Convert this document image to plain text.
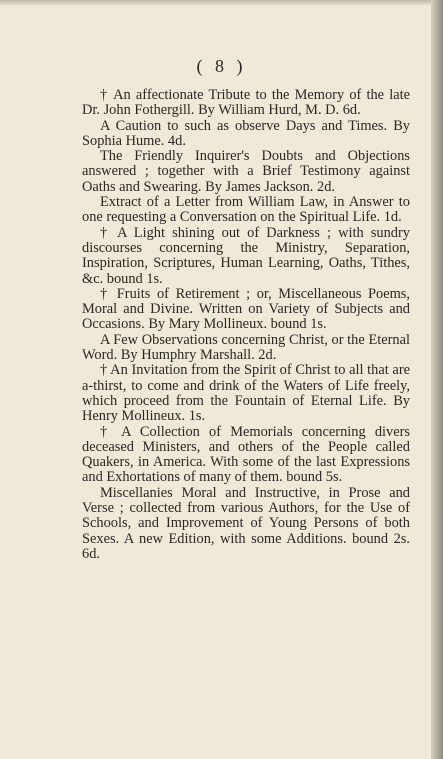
( 8 )

† An affectionate Tribute to the Memory of the late Dr. John Fothergill. By William Hurd, M. D. 6d.

A Caution to such as observe Days and Times. By Sophia Hume. 4d.

The Friendly Inquirer's Doubts and Objections answered ; together with a Brief Testimony against Oaths and Swearing. By James Jackson. 2d.

Extract of a Letter from William Law, in Answer to one requesting a Conversation on the Spiritual Life. 1d.

† A Light shining out of Darkness ; with sundry discourses concerning the Ministry, Separation, Inspiration, Scriptures, Human Learning, Oaths, Tithes, &c. bound 1s.

† Fruits of Retirement ; or, Miscellaneous Poems, Moral and Divine. Written on Variety of Subjects and Occasions. By Mary Mollineux. bound 1s.

A Few Observations concerning Christ, or the Eternal Word. By Humphry Marshall. 2d.

† An Invitation from the Spirit of Christ to all that are a-thirst, to come and drink of the Waters of Life freely, which proceed from the Fountain of Eternal Life. By Henry Mollineux. 1s.

† A Collection of Memorials concerning divers deceased Ministers, and others of the People called Quakers, in America. With some of the last Expressions and Exhortations of many of them. bound 5s.

Miscellanies Moral and Instructive, in Prose and Verse ; collected from various Authors, for the Use of Schools, and Improvement of Young Persons of both Sexes. A new Edition, with some Additions. bound 2s. 6d.
